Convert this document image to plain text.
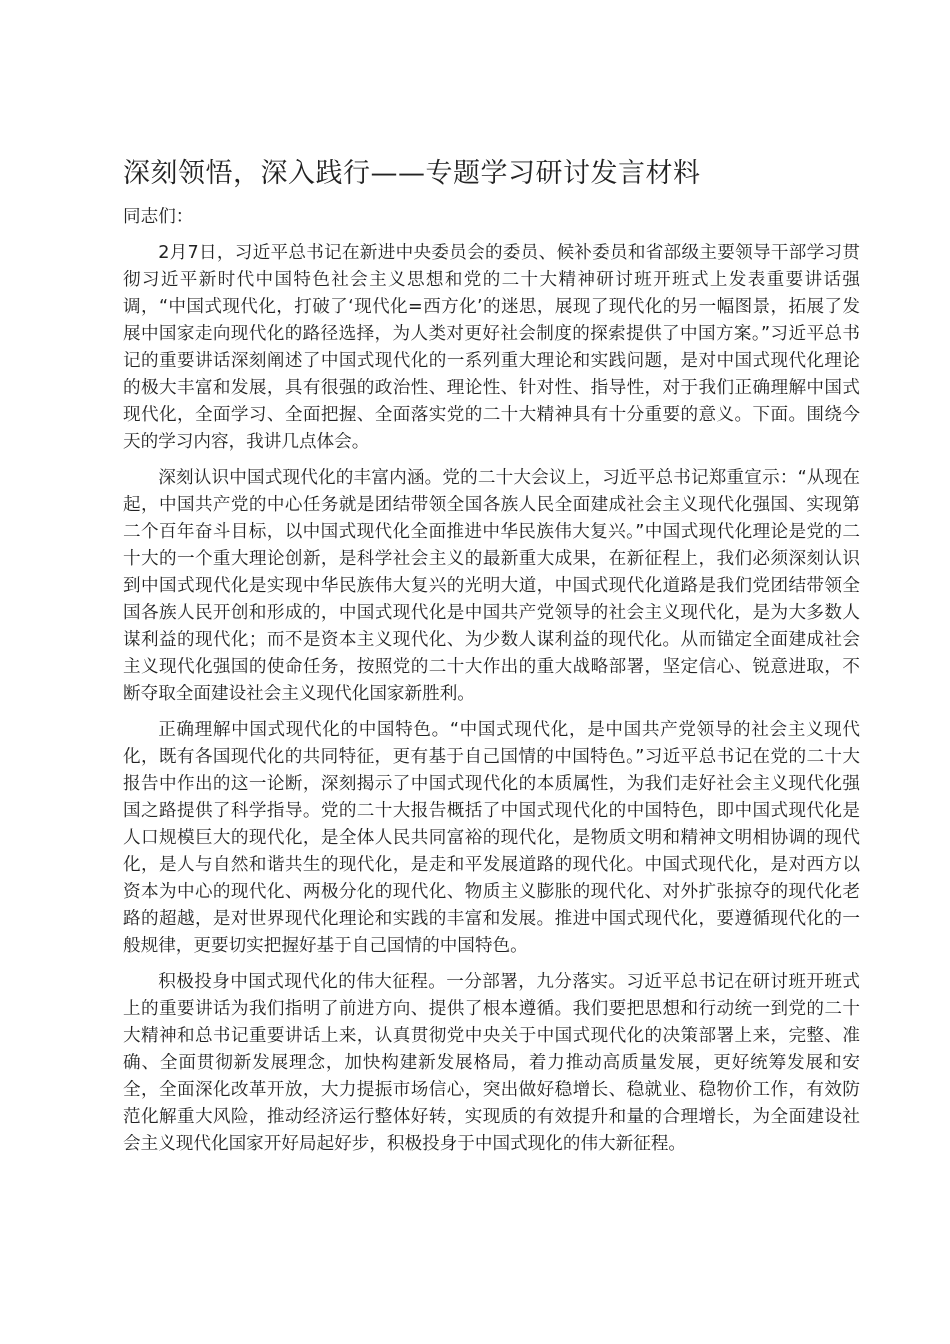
深刻领悟，深入践行——专题学习研讨发言材料

同志们：

2月7日，习近平总书记在新进中央委员会的委员、候补委员和省部级主要领导干部学习贯彻习近平新时代中国特色社会主义思想和党的二十大精神研讨班开班式上发表重要讲话强调，“中国式现代化，打破了‘现代化=西方化’的迷思，展现了现代化的另一幅图景，拓展了发展中国家走向现代化的路径选择，为人类对更好社会制度的探索提供了中国方案。”习近平总书记的重要讲话深刻阐述了中国式现代化的一系列重大理论和实践问题，是对中国式现代化理论的极大丰富和发展，具有很强的政治性、理论性、针对性、指导性，对于我们正确理解中国式现代化，全面学习、全面把握、全面落实党的二十大精神具有十分重要的意义。下面。围绕今天的学习内容，我讲几点体会。

深刻认识中国式现代化的丰富内涵。党的二十大会议上，习近平总书记郑重宣示：“从现在起，中国共产党的中心任务就是团结带领全国各族人民全面建成社会主义现代化强国、实现第二个百年奋斗目标，以中国式现代化全面推进中华民族伟大复兴。”中国式现代化理论是党的二十大的一个重大理论创新，是科学社会主义的最新重大成果，在新征程上，我们必须深刻认识到中国式现代化是实现中华民族伟大复兴的光明大道，中国式现代化道路是我们党团结带领全国各族人民开创和形成的，中国式现代化是中国共产党领导的社会主义现代化，是为大多数人谋利益的现代化；而不是资本主义现代化、为少数人谋利益的现代化。从而锚定全面建成社会主义现代化强国的使命任务，按照党的二十大作出的重大战略部署，坚定信心、锐意进取，不断夺取全面建设社会主义现代化国家新胜利。

正确理解中国式现代化的中国特色。“中国式现代化，是中国共产党领导的社会主义现代化，既有各国现代化的共同特征，更有基于自己国情的中国特色。”习近平总书记在党的二十大报告中作出的这一论断，深刻揭示了中国式现代化的本质属性，为我们走好社会主义现代化强国之路提供了科学指导。党的二十大报告概括了中国式现代化的中国特色，即中国式现代化是人口规模巨大的现代化，是全体人民共同富裕的现代化，是物质文明和精神文明相协调的现代化，是人与自然和谐共生的现代化，是走和平发展道路的现代化。中国式现代化，是对西方以资本为中心的现代化、两极分化的现代化、物质主义膨胀的现代化、对外扩张掠夺的现代化老路的超越，是对世界现代化理论和实践的丰富和发展。推进中国式现代化，要遵循现代化的一般规律，更要切实把握好基于自己国情的中国特色。

积极投身中国式现代化的伟大征程。一分部署，九分落实。习近平总书记在研讨班开班式上的重要讲话为我们指明了前进方向、提供了根本遵循。我们要把思想和行动统一到党的二十大精神和总书记重要讲话上来，认真贯彻党中央关于中国式现代化的决策部署上来，完整、准确、全面贯彻新发展理念，加快构建新发展格局，着力推动高质量发展，更好统筹发展和安全，全面深化改革开放，大力提振市场信心，突出做好稳增长、稳就业、稳物价工作，有效防范化解重大风险，推动经济运行整体好转，实现质的有效提升和量的合理增长，为全面建设社会主义现代化国家开好局起好步，积极投身于中国式现化的伟大新征程。
